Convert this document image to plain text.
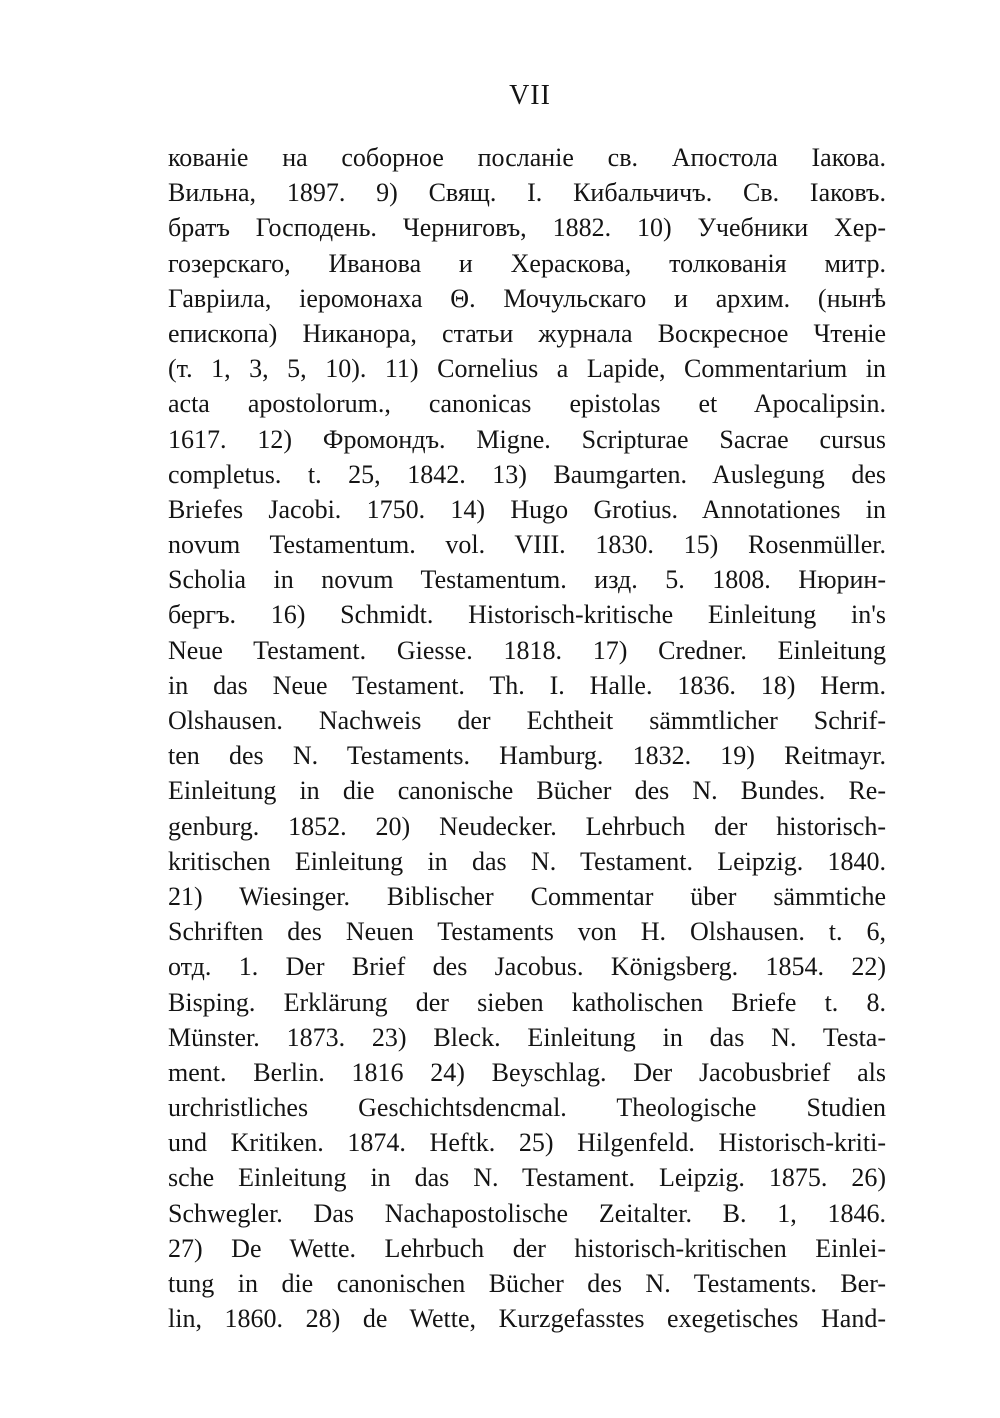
VII
кованіе на соборное посланіе св. Апостола Іакова.
Вильна, 1897. 9) Свящ. І. Кибальчичъ. Св. Іаковъ.
братъ Господень. Черниговъ, 1882. 10) Учебники Хер-
гозерскаго, Иванова и Хераскова, толкованія митр.
Гавріила, іеромонаха Θ. Мочульскаго и архим. (нынѣ
епископа) Никанора, статьи журнала Воскресное Чтеніе
(т. 1, 3, 5, 10). 11) Cornelius a Lapide, Commentarium in
acta apostolorum., canonicas epistolas et Apocalipsin.
1617. 12) Фромондъ. Migne. Scripturae Sacrae cursus
completus. t. 25, 1842. 13) Baumgarten. Auslegung des
Briefes Jacobi. 1750. 14) Hugo Grotius. Annotationes in
novum Testamentum. vol. VIII. 1830. 15) Rosenmüller.
Scholia in novum Testamentum. изд. 5. 1808. Нюрин-
бергъ. 16) Schmidt. Historisch-kritische Einleitung in's
Neue Testament. Giesse. 1818. 17) Credner. Einleitung
in das Neue Testament. Th. I. Halle. 1836. 18) Herm.
Olshausen. Nachweis der Echtheit sämmtlicher Schrif-
ten des N. Testaments. Hamburg. 1832. 19) Reitmayr.
Einleitung in die canonische Bücher des N. Bundes. Re-
genburg. 1852. 20) Neudecker. Lehrbuch der historisch-
kritischen Einleitung in das N. Testament. Leipzig. 1840.
21) Wiesinger. Biblischer Commentar über sämmtiche
Schriften des Neuen Testaments von H. Olshausen. t. 6,
отд. 1. Der Brief des Jacobus. Königsberg. 1854. 22)
Bisping. Erklärung der sieben katholischen Briefe t. 8.
Münster. 1873. 23) Bleck. Einleitung in das N. Testa-
ment. Berlin. 1816 24) Beyschlag. Der Jacobusbrief als
urchristliches Geschichtsdencmal. Theologische Studien
und Kritiken. 1874. Heftk. 25) Hilgenfeld. Historisch-kriti-
sche Einleitung in das N. Testament. Leipzig. 1875. 26)
Schwegler. Das Nachapostolische Zeitalter. B. 1, 1846.
27) De Wette. Lehrbuch der historisch-kritischen Einlei-
tung in die canonischen Bücher des N. Testaments. Ber-
lin, 1860. 28) de Wette, Kurzgefasstes exegetisches Hand-
